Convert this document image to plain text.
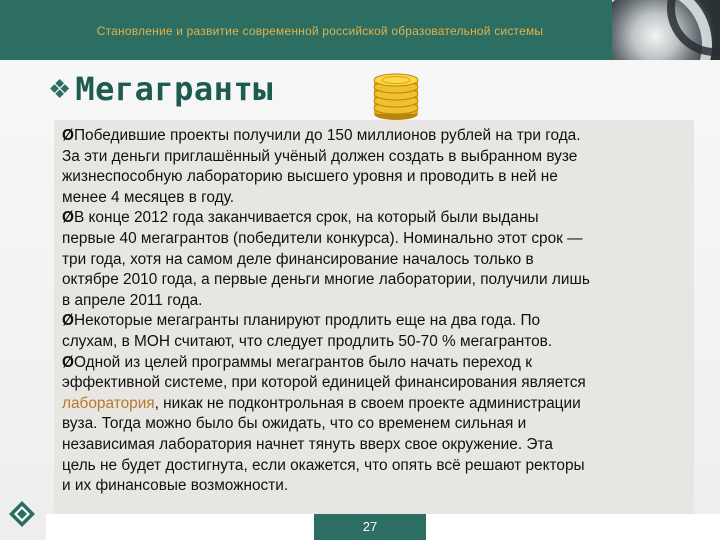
Становление и развитие современной российской образовательной системы
❖ Мегагранты
ØПобедившие проекты получили до 150 миллионов рублей на три года.
За эти деньги приглашённый учёный должен создать в выбранном вузе
жизнеспособную лабораторию высшего уровня и проводить в ней не
менее 4 месяцев в году.
ØВ конце 2012 года заканчивается срок, на который были выданы
первые 40 мегагрантов (победители конкурса). Номинально этот срок —
три года, хотя на самом деле финансирование началось только в
октябре 2010 года, а первые деньги многие лаборатории, получили лишь
в апреле 2011 года.
ØНекоторые мегагранты планируют продлить еще на два года. По
слухам, в МОН считают, что следует продлить 50-70 % мегагрантов.
ØОдной из целей программы мегагрантов было начать переход к
эффективной системе, при которой единицей финансирования является
лаборатория, никак не подконтрольная в своем проекте администрации
вуза. Тогда можно было бы ожидать, что со временем сильная и
независимая лаборатория начнет тянуть вверх свое окружение. Эта
цель не будет достигнута, если окажется, что опять всё решают ректоры
и их финансовые возможности.
27
